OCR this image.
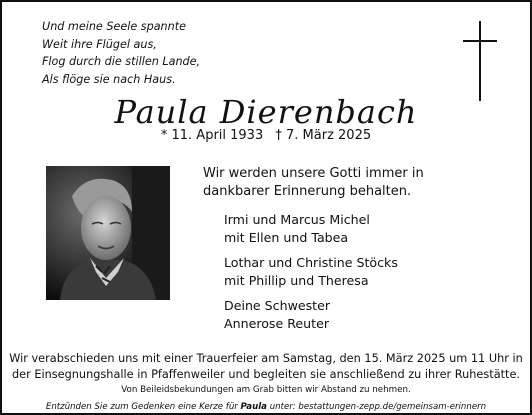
Und meine Seele spannte
Weit ihre Flügel aus,
Flog durch die stillen Lande,
Als flöge sie nach Haus.
Paula Dierenbach
* 11. April 1933 † 7. März 2025
Wir werden unsere Gotti immer in
dankbarer Erinnerung behalten.
Irmi und Marcus Michel
mit Ellen und Tabea
Lothar und Christine Stöcks
mit Phillip und Theresa
Deine Schwester
Annerose Reuter
Wir verabschieden uns mit einer Trauerfeier am Samstag, den 15. März 2025 um 11 Uhr in
der Einsegnungshalle in Pfaffenweiler und begleiten sie anschließend zu ihrer Ruhestätte.
Von Beileidsbekundungen am Grab bitten wir Abstand zu nehmen.
Entzünden Sie zum Gedenken eine Kerze für Paula unter: bestattungen-zepp.de/gemeinsam-erinnern
